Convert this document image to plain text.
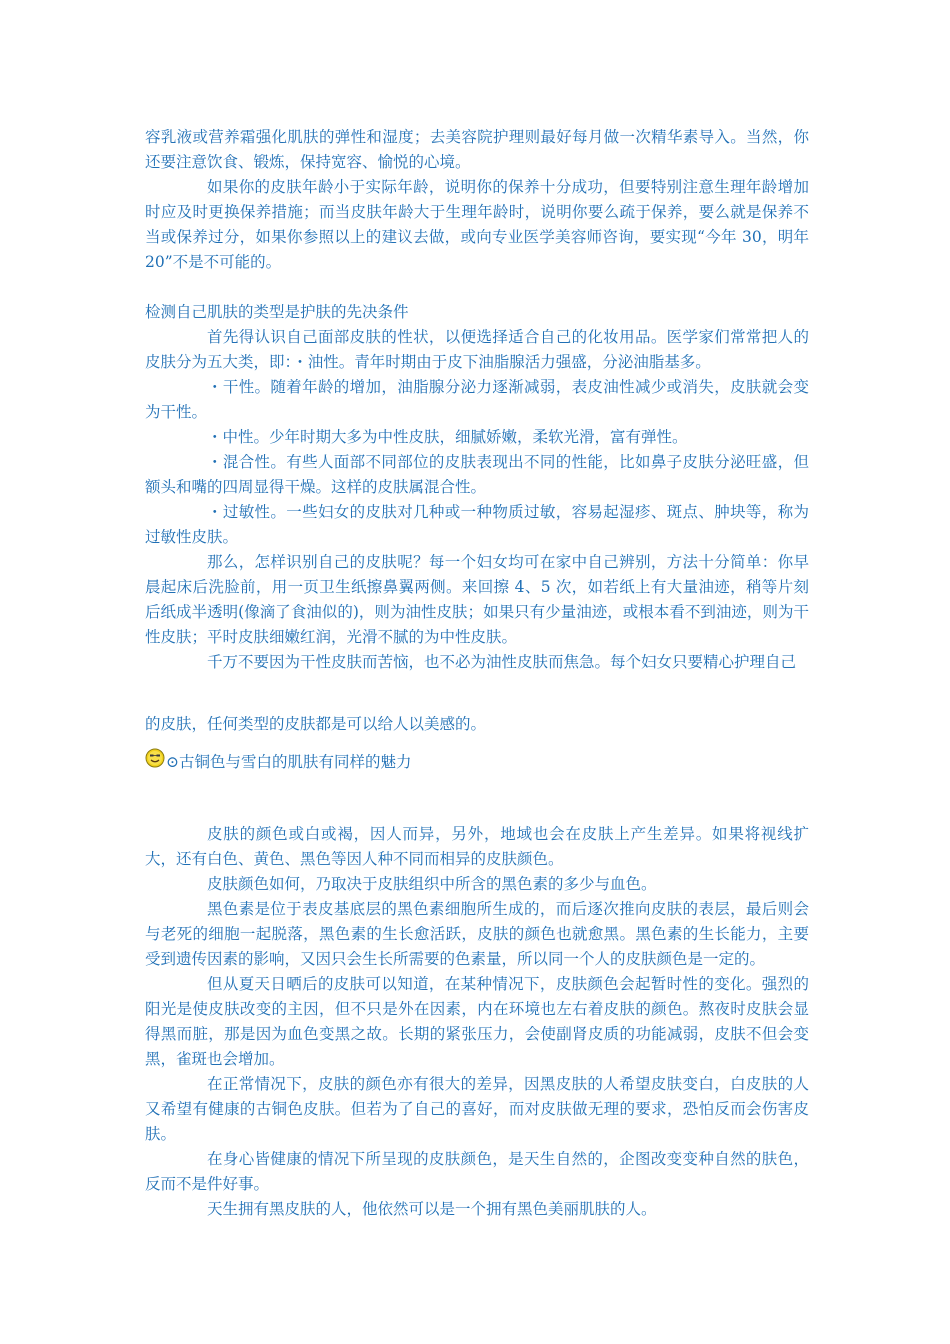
容乳液或营养霜强化肌肤的弹性和湿度；去美容院护理则最好每月做一次精华素导入。当然，你还要注意饮食、锻炼，保持宽容、愉悦的心境。

如果你的皮肤年龄小于实际年龄，说明你的保养十分成功，但要特别注意生理年龄增加时应及时更换保养措施；而当皮肤年龄大于生理年龄时，说明你要么疏于保养，要么就是保养不当或保养过分，如果你参照以上的建议去做，或向专业医学美容师咨询，要实现“今年 30，明年 20”不是不可能的。

检测自己肌肤的类型是护肤的先决条件

首先得认识自己面部皮肤的性状，以便选择适合自己的化妆用品。医学家们常常把人的皮肤分为五大类，即：・油性。青年时期由于皮下油脂腺活力强盛，分泌油脂基多。

・干性。随着年龄的增加，油脂腺分泌力逐渐减弱，表皮油性减少或消失，皮肤就会变为干性。

・中性。少年时期大多为中性皮肤，细腻娇嫩，柔软光滑，富有弹性。

・混合性。有些人面部不同部位的皮肤表现出不同的性能，比如鼻子皮肤分泌旺盛，但额头和嘴的四周显得干燥。这样的皮肤属混合性。

・过敏性。一些妇女的皮肤对几种或一种物质过敏，容易起湿疹、斑点、肿块等，称为过敏性皮肤。

那么，怎样识别自己的皮肤呢？每一个妇女均可在家中自己辨别，方法十分简单：你早晨起床后洗脸前，用一页卫生纸擦鼻翼两侧。来回擦 4、5 次，如若纸上有大量油迹，稍等片刻后纸成半透明(像滴了食油似的)，则为油性皮肤；如果只有少量油迹，或根本看不到油迹，则为干性皮肤；平时皮肤细嫩红润，光滑不腻的为中性皮肤。

千万不要因为干性皮肤而苦恼，也不必为油性皮肤而焦急。每个妇女只要精心护理自己

的皮肤，任何类型的皮肤都是可以给人以美感的。

⊙古铜色与雪白的肌肤有同样的魅力

皮肤的颜色或白或褐，因人而异，另外，地域也会在皮肤上产生差异。如果将视线扩大，还有白色、黄色、黑色等因人种不同而相异的皮肤颜色。

皮肤颜色如何，乃取决于皮肤组织中所含的黑色素的多少与血色。

黑色素是位于表皮基底层的黑色素细胞所生成的，而后逐次推向皮肤的表层，最后则会与老死的细胞一起脱落，黑色素的生长愈活跃，皮肤的颜色也就愈黑。黑色素的生长能力，主要受到遗传因素的影响，又因只会生长所需要的色素量，所以同一个人的皮肤颜色是一定的。

但从夏天日晒后的皮肤可以知道，在某种情况下，皮肤颜色会起暂时性的变化。强烈的阳光是使皮肤改变的主因，但不只是外在因素，内在环境也左右着皮肤的颜色。熬夜时皮肤会显得黑而脏，那是因为血色变黑之故。长期的紧张压力，会使副肾皮质的功能减弱，皮肤不但会变黑，雀斑也会增加。

在正常情况下，皮肤的颜色亦有很大的差异，因黑皮肤的人希望皮肤变白，白皮肤的人又希望有健康的古铜色皮肤。但若为了自己的喜好，而对皮肤做无理的要求，恐怕反而会伤害皮肤。

在身心皆健康的情况下所呈现的皮肤颜色，是天生自然的，企图改变变种自然的肤色，反而不是件好事。

天生拥有黑皮肤的人，他依然可以是一个拥有黑色美丽肌肤的人。
